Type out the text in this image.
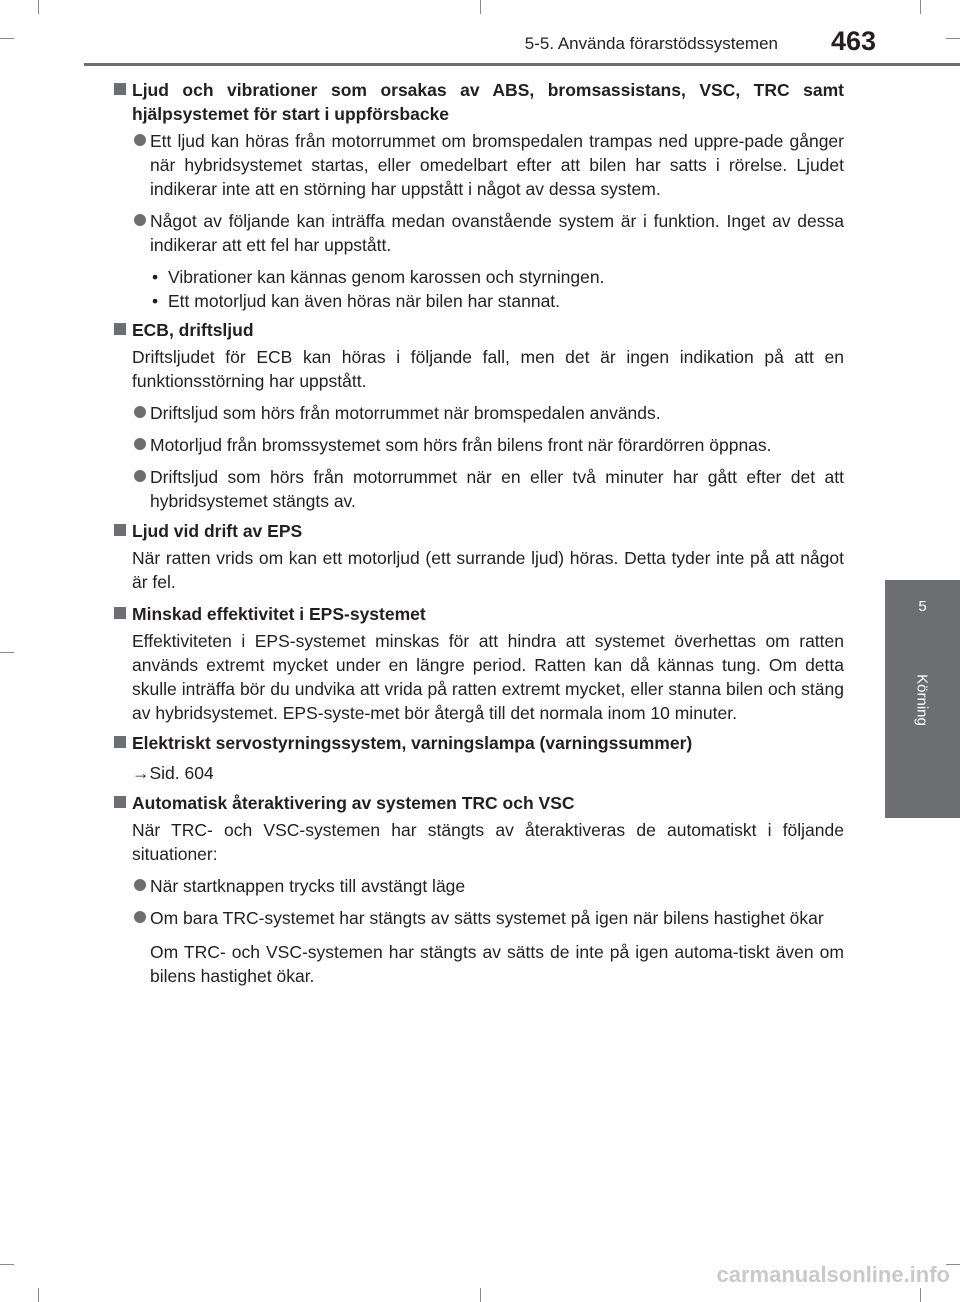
5-5. Använda förarstödssystemen	463
5
Körning
Ljud och vibrationer som orsakas av ABS, bromsassistans, VSC, TRC samt hjälpsystemet för start i uppförsbacke
Ett ljud kan höras från motorrummet om bromspedalen trampas ned uppre-pade gånger när hybridsystemet startas, eller omedelbart efter att bilen har satts i rörelse. Ljudet indikerar inte att en störning har uppstått i något av dessa system.
Något av följande kan inträffa medan ovanstående system är i funktion. Inget av dessa indikerar att ett fel har uppstått.
• Vibrationer kan kännas genom karossen och styrningen.
• Ett motorljud kan även höras när bilen har stannat.
ECB, driftsljud
Driftsljudet för ECB kan höras i följande fall, men det är ingen indikation på att en funktionsstörning har uppstått.
Driftsljud som hörs från motorrummet när bromspedalen används.
Motorljud från bromssystemet som hörs från bilens front när förardörren öppnas.
Driftsljud som hörs från motorrummet när en eller två minuter har gått efter det att hybridsystemet stängts av.
Ljud vid drift av EPS
När ratten vrids om kan ett motorljud (ett surrande ljud) höras. Detta tyder inte på att något är fel.
Minskad effektivitet i EPS-systemet
Effektiviteten i EPS-systemet minskas för att hindra att systemet överhettas om ratten används extremt mycket under en längre period. Ratten kan då kännas tung. Om detta skulle inträffa bör du undvika att vrida på ratten extremt mycket, eller stanna bilen och stäng av hybridsystemet. EPS-syste-met bör återgå till det normala inom 10 minuter.
Elektriskt servostyrningssystem, varningslampa (varningssummer)
→Sid. 604
Automatisk återaktivering av systemen TRC och VSC
När TRC- och VSC-systemen har stängts av återaktiveras de automatiskt i följande situationer:
När startknappen trycks till avstängt läge
Om bara TRC-systemet har stängts av sätts systemet på igen när bilens hastighet ökar
Om TRC- och VSC-systemen har stängts av sätts de inte på igen automa-tiskt även om bilens hastighet ökar.
carmanualsonline.info
